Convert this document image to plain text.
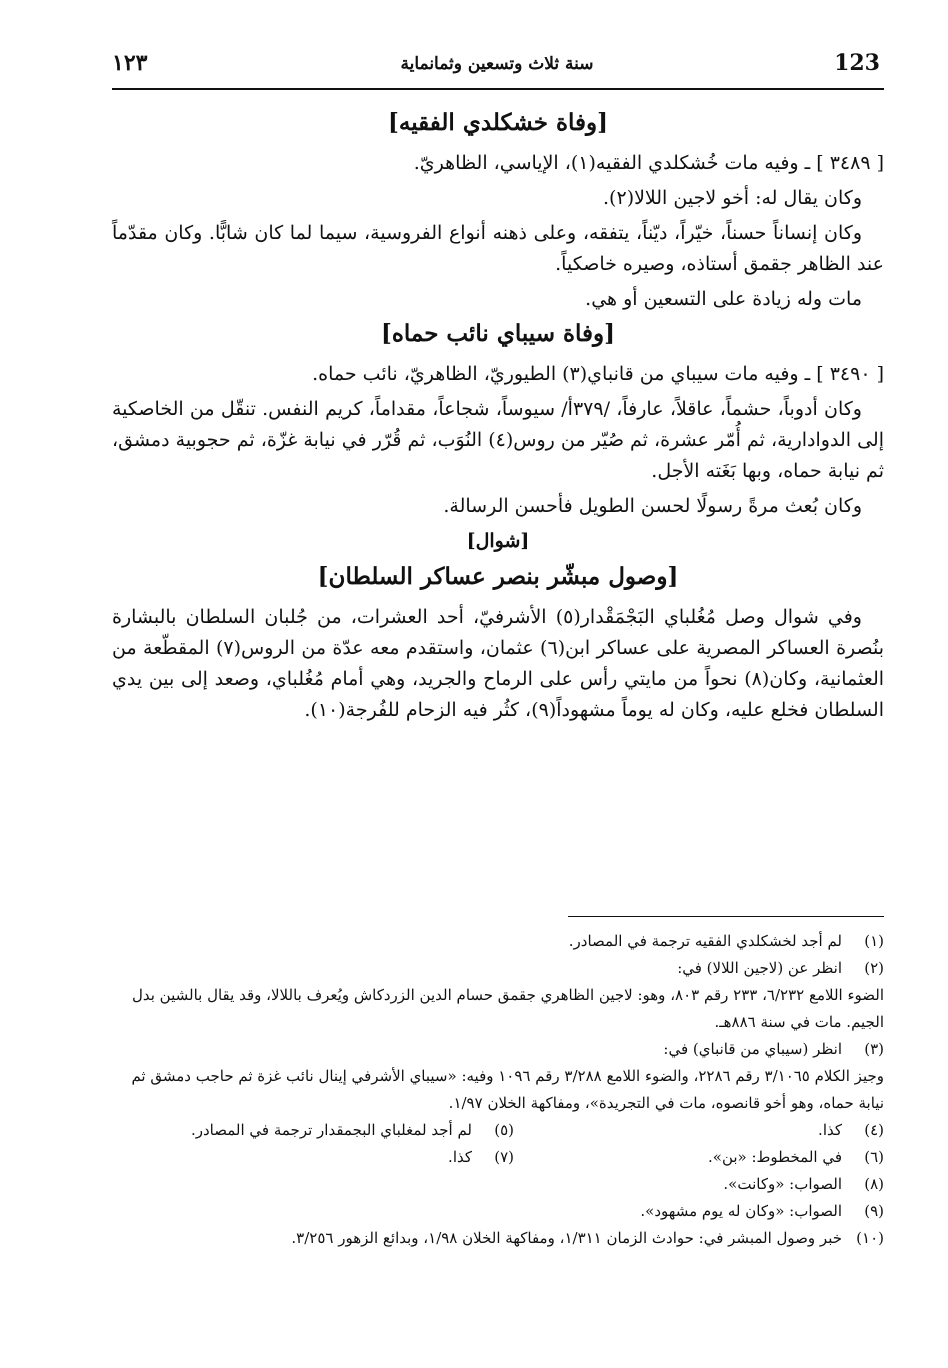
١٢٣	سنة ثلاث وتسعين وثمانماية	123
[وفاة خشكلدي الفقيه]

[ ٣٤٨٩ ] ـ وفيه مات خُشكلدي الفقيه(١)، الإياسي، الظاهريّ.

وكان يقال له: أخو لاجين اللالا(٢).

وكان إنساناً حسناً، خيّراً، ديّناً، يتفقه، وعلى ذهنه أنواع الفروسية، سيما لما كان شابًّا. وكان مقدّماً عند الظاهر جقمق أستاذه، وصيره خاصكياً.

مات وله زيادة على التسعين أو هي.

[وفاة سيباي نائب حماه]

[ ٣٤٩٠ ] ـ وفيه مات سيباي من قانباي(٣) الطيوريّ، الظاهريّ، نائب حماه.

وكان أدوباً، حشماً، عاقلاً، عارفاً، /٣٧٩أ/ سيوساً، شجاعاً، مقداماً، كريم النفس. تنقّل من الخاصكية إلى الدوادارية، ثم أُمّر عشرة، ثم صُيّر من روس(٤) النُوَب، ثم قُرّر في نيابة غزّة، ثم حجوبية دمشق، ثم نيابة حماه، وبها بَغَته الأجل.

وكان بُعث مرةً رسولًا لحسن الطويل فأحسن الرسالة.

[شوال]
[وصول مبشّر بنصر عساكر السلطان]

وفي شوال وصل مُغُلباي البَجْمَقْدار(٥) الأشرفيّ، أحد العشرات، من جُلبان السلطان بالبشارة بنُصرة العساكر المصرية على عساكر ابن(٦) عثمان، واستقدم معه عدّة من الروس(٧) المقطّعة من العثمانية، وكان(٨) نحواً من مايتي رأس على الرماح والجريد، وهي أمام مُغُلباي، وصعد إلى بين يدي السلطان فخلع عليه، وكان له يوماً مشهوداً(٩)، كثُر فيه الزحام للفُرجة(١٠).

(١)لم أجد لخشكلدي الفقيه ترجمة في المصادر.

(٢)انظر عن (لاجين اللالا) في:

الضوء اللامع ٦/٢٣٢، ٢٣٣ رقم ٨٠٣، وهو: لاجين الظاهري جقمق حسام الدين الزردكاش ويُعرف باللالا، وقد يقال بالشين بدل الجيم. مات في سنة ٨٨٦هـ.

(٣)انظر (سيباي من قانباي) في:

وجيز الكلام ٣/١٠٦٥ رقم ٢٢٨٦، والضوء اللامع ٣/٢٨٨ رقم ١٠٩٦ وفيه: «سيباي الأشرفي إينال نائب غزة ثم حاجب دمشق ثم نيابة حماه، وهو أخو قانصوه، مات في التجريدة»، ومفاكهة الخلان ١/٩٧.

(٤)كذا.

(٥)لم أجد لمغلباي البجمقدار ترجمة في المصادر.

(٦)في المخطوط: «بن».

(٧)كذا.

(٨)الصواب: «وكانت».

(٩)الصواب: «وكان له يوم مشهود».

(١٠)خبر وصول المبشر في: حوادث الزمان ١/٣١١، ومفاكهة الخلان ١/٩٨، وبدائع الزهور ٣/٢٥٦.
